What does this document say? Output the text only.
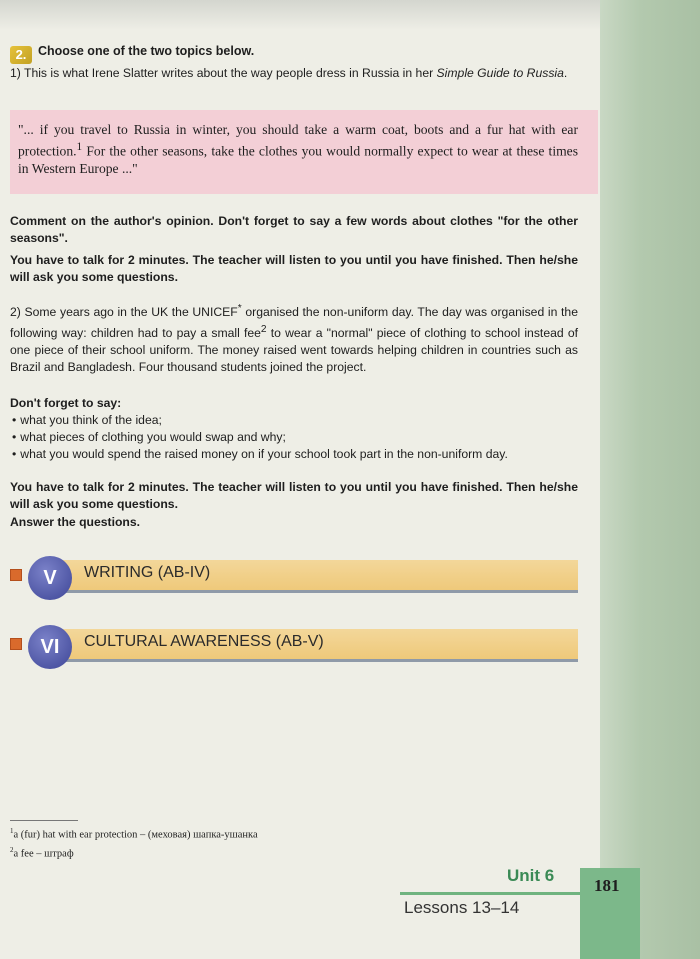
2. Choose one of the two topics below.
1) This is what Irene Slatter writes about the way people dress in Russia in her Simple Guide to Russia.
"... if you travel to Russia in winter, you should take a warm coat, boots and a fur hat with ear protection.$^1$ For the other seasons, take the clothes you would normally expect to wear at these times in Western Europe ..."
Comment on the author's opinion. Don't forget to say a few words about clothes "for the other seasons".
You have to talk for 2 minutes. The teacher will listen to you until you have finished. Then he/she will ask you some questions.
2) Some years ago in the UK the UNICEF* organised the non-uniform day. The day was organised in the following way: children had to pay a small fee$^2$ to wear a "normal" piece of clothing to school instead of one piece of their school uniform. The money raised went towards helping children in countries such as Brazil and Bangladesh. Four thousand students joined the project.
Don't forget to say:
• what you think of the idea;
• what pieces of clothing you would swap and why;
• what you would spend the raised money on if your school took part in the non-uniform day.
You have to talk for 2 minutes. The teacher will listen to you until you have finished. Then he/she will ask you some questions.
Answer the questions.
V	WRITING (AB-IV)
VI	CULTURAL AWARENESS (AB-V)
$^1$a (fur) hat with ear protection – (меховая) шапка-ушанка
$^2$a fee – штраф
Unit 6
Lessons 13–14
181
